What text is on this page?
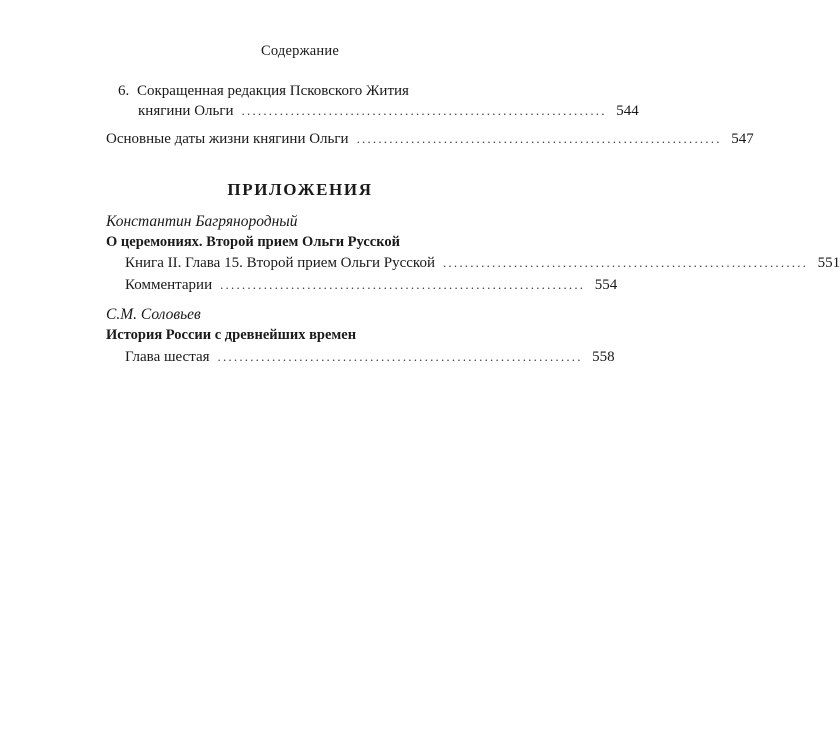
Содержание
6. Сокращенная редакция Псковского Жития
княгини Ольги ................................................................... 544
Основные даты жизни княгини Ольги ................................................................... 547
ПРИЛОЖЕНИЯ
Константин Багрянородный
О церемониях. Второй прием Ольги Русской
Книга II. Глава 15. Второй прием Ольги Русской ................................................................... 551
Комментарии ................................................................... 554
С.М. Соловьев
История России с древнейших времен
Глава шестая ................................................................... 558
